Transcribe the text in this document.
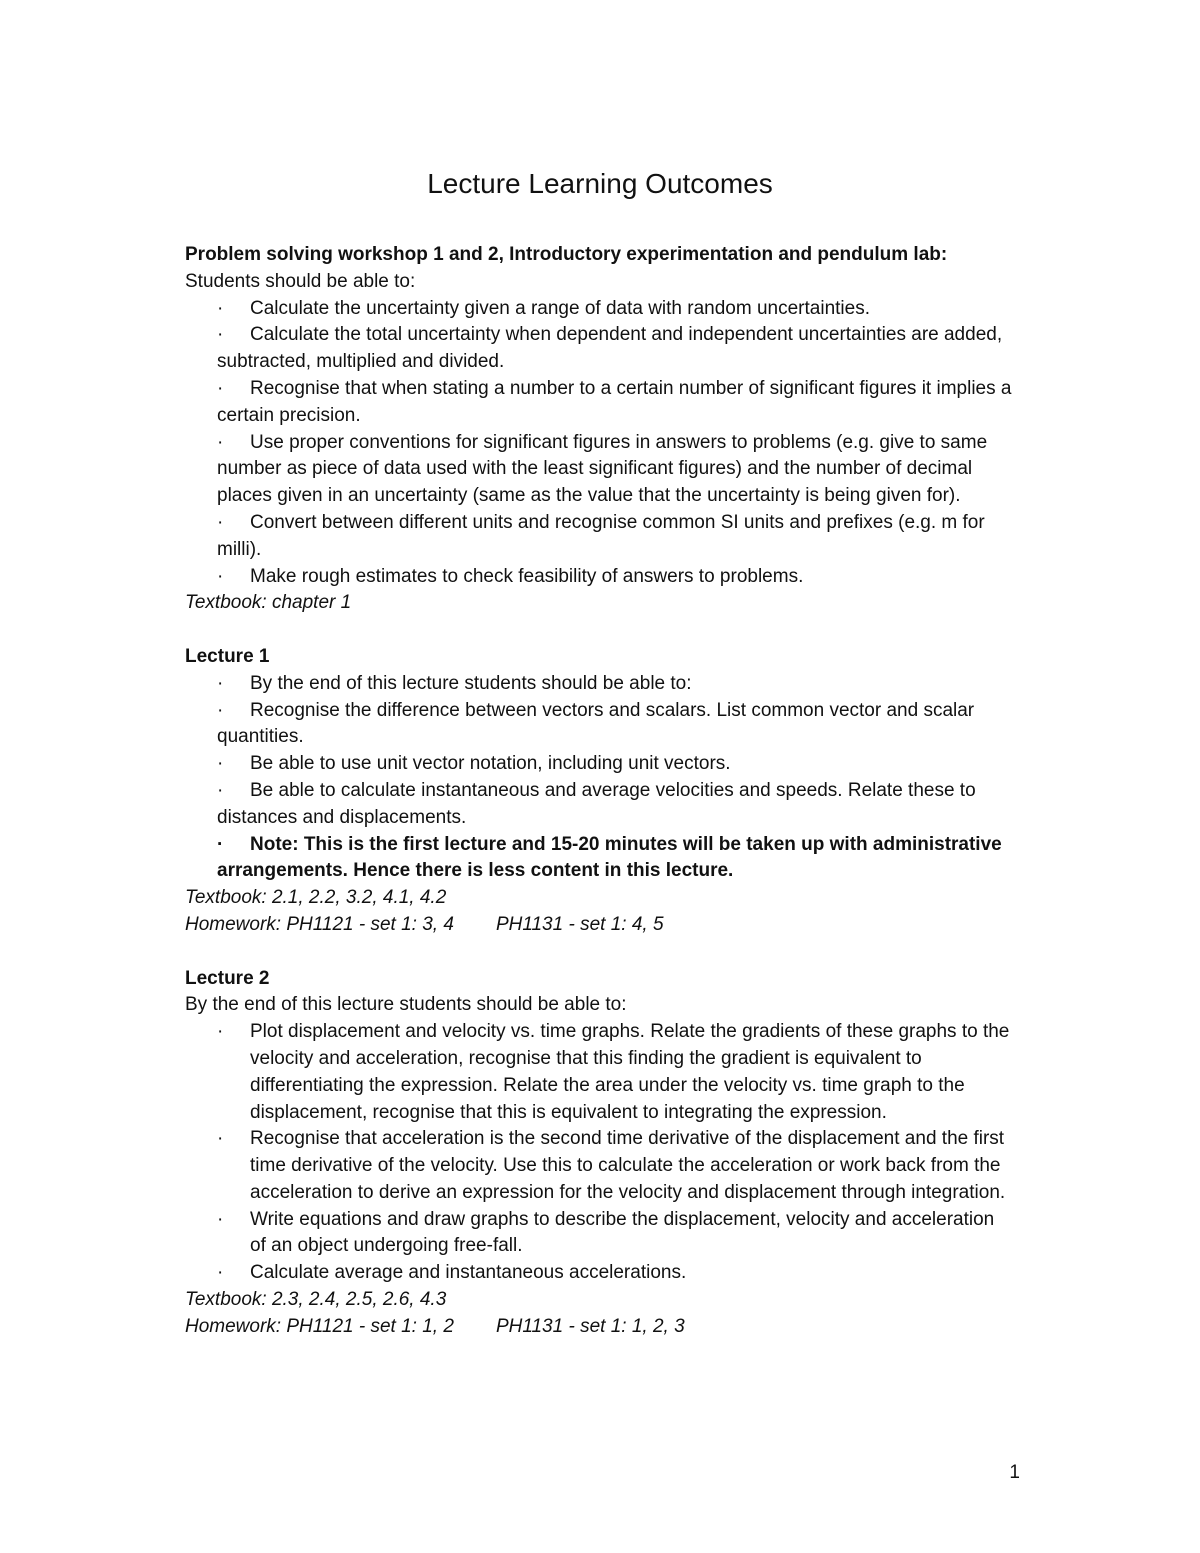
Lecture Learning Outcomes

Problem solving workshop 1 and 2, Introductory experimentation and pendulum lab:

Students should be able to:

· Calculate the uncertainty given a range of data with random uncertainties.
· Calculate the total uncertainty when dependent and independent uncertainties are added, subtracted, multiplied and divided.
· Recognise that when stating a number to a certain number of significant figures it implies a certain precision.
· Use proper conventions for significant figures in answers to problems (e.g. give to same number as piece of data used with the least significant figures) and the number of decimal places given in an uncertainty (same as the value that the uncertainty is being given for).
· Convert between different units and recognise common SI units and prefixes (e.g. m for milli).
· Make rough estimates to check feasibility of answers to problems.

Textbook: chapter 1

Lecture 1

· By the end of this lecture students should be able to:
· Recognise the difference between vectors and scalars. List common vector and scalar quantities.
· Be able to use unit vector notation, including unit vectors.
· Be able to calculate instantaneous and average velocities and speeds. Relate these to distances and displacements.
· Note: This is the first lecture and 15-20 minutes will be taken up with administrative arrangements. Hence there is less content in this lecture.

Textbook: 2.1, 2.2, 3.2, 4.1, 4.2

Homework: PH1121 - set 1: 3, 4 PH1131 - set 1: 4, 5

Lecture 2

By the end of this lecture students should be able to:

· Plot displacement and velocity vs. time graphs. Relate the gradients of these graphs to the velocity and acceleration, recognise that this finding the gradient is equivalent to differentiating the expression. Relate the area under the velocity vs. time graph to the displacement, recognise that this is equivalent to integrating the expression.
· Recognise that acceleration is the second time derivative of the displacement and the first time derivative of the velocity. Use this to calculate the acceleration or work back from the acceleration to derive an expression for the velocity and displacement through integration.
· Write equations and draw graphs to describe the displacement, velocity and acceleration of an object undergoing free-fall.
· Calculate average and instantaneous accelerations.

Textbook: 2.3, 2.4, 2.5, 2.6, 4.3

Homework: PH1121 - set 1: 1, 2 PH1131 - set 1: 1, 2, 3

1
